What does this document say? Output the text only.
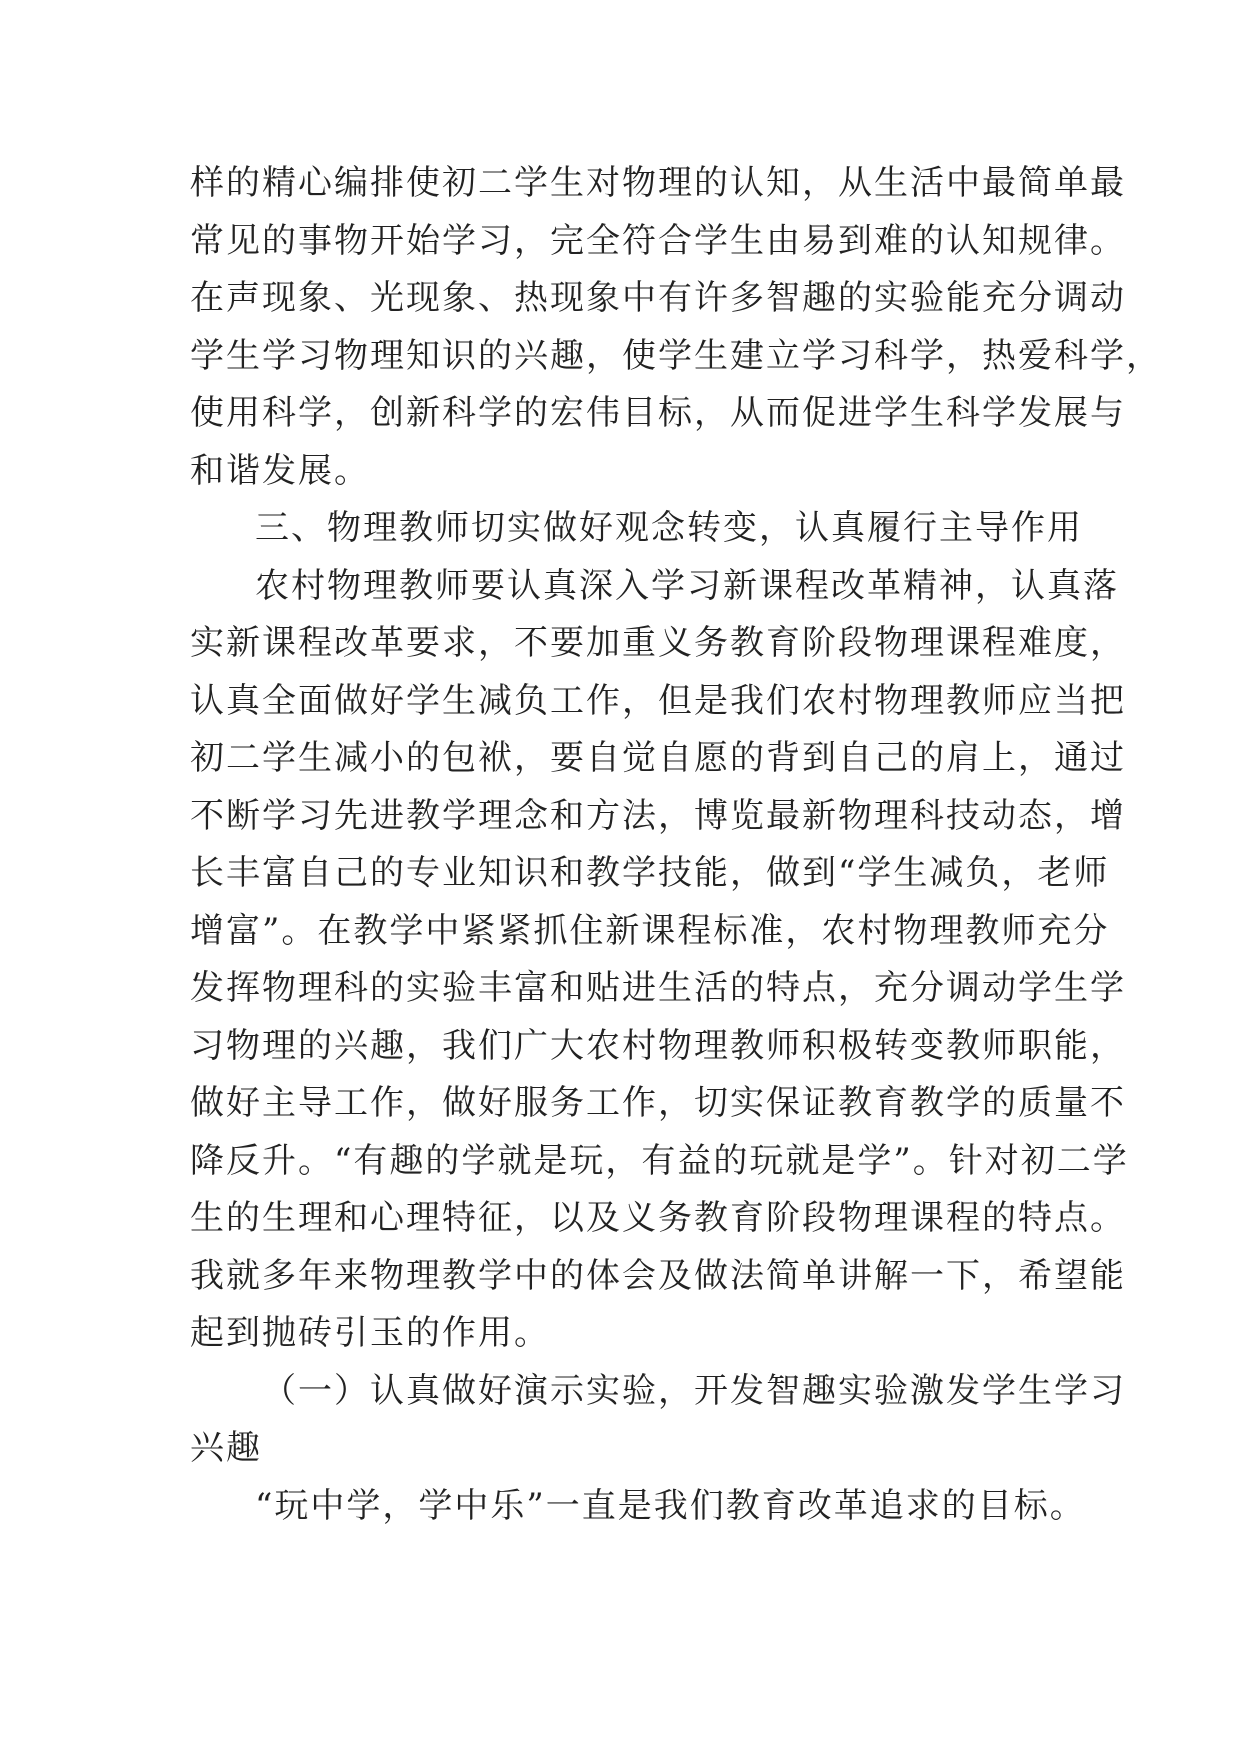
样的精心编排使初二学生对物理的认知，从生活中最简单最
常见的事物开始学习，完全符合学生由易到难的认知规律。
在声现象、光现象、热现象中有许多智趣的实验能充分调动
学生学习物理知识的兴趣，使学生建立学习科学，热爱科学，
使用科学，创新科学的宏伟目标，从而促进学生科学发展与
和谐发展。
三、物理教师切实做好观念转变，认真履行主导作用
农村物理教师要认真深入学习新课程改革精神，认真落
实新课程改革要求，不要加重义务教育阶段物理课程难度，
认真全面做好学生减负工作，但是我们农村物理教师应当把
初二学生减小的包袱，要自觉自愿的背到自己的肩上，通过
不断学习先进教学理念和方法，博览最新物理科技动态，增
长丰富自己的专业知识和教学技能，做到“学生减负，老师
增富”。在教学中紧紧抓住新课程标准，农村物理教师充分
发挥物理科的实验丰富和贴进生活的特点，充分调动学生学
习物理的兴趣，我们广大农村物理教师积极转变教师职能，
做好主导工作，做好服务工作，切实保证教育教学的质量不
降反升。“有趣的学就是玩，有益的玩就是学”。针对初二学
生的生理和心理特征，以及义务教育阶段物理课程的特点。
我就多年来物理教学中的体会及做法简单讲解一下，希望能
起到抛砖引玉的作用。
（一）认真做好演示实验，开发智趣实验激发学生学习
兴趣
“玩中学，学中乐”一直是我们教育改革追求的目标。
